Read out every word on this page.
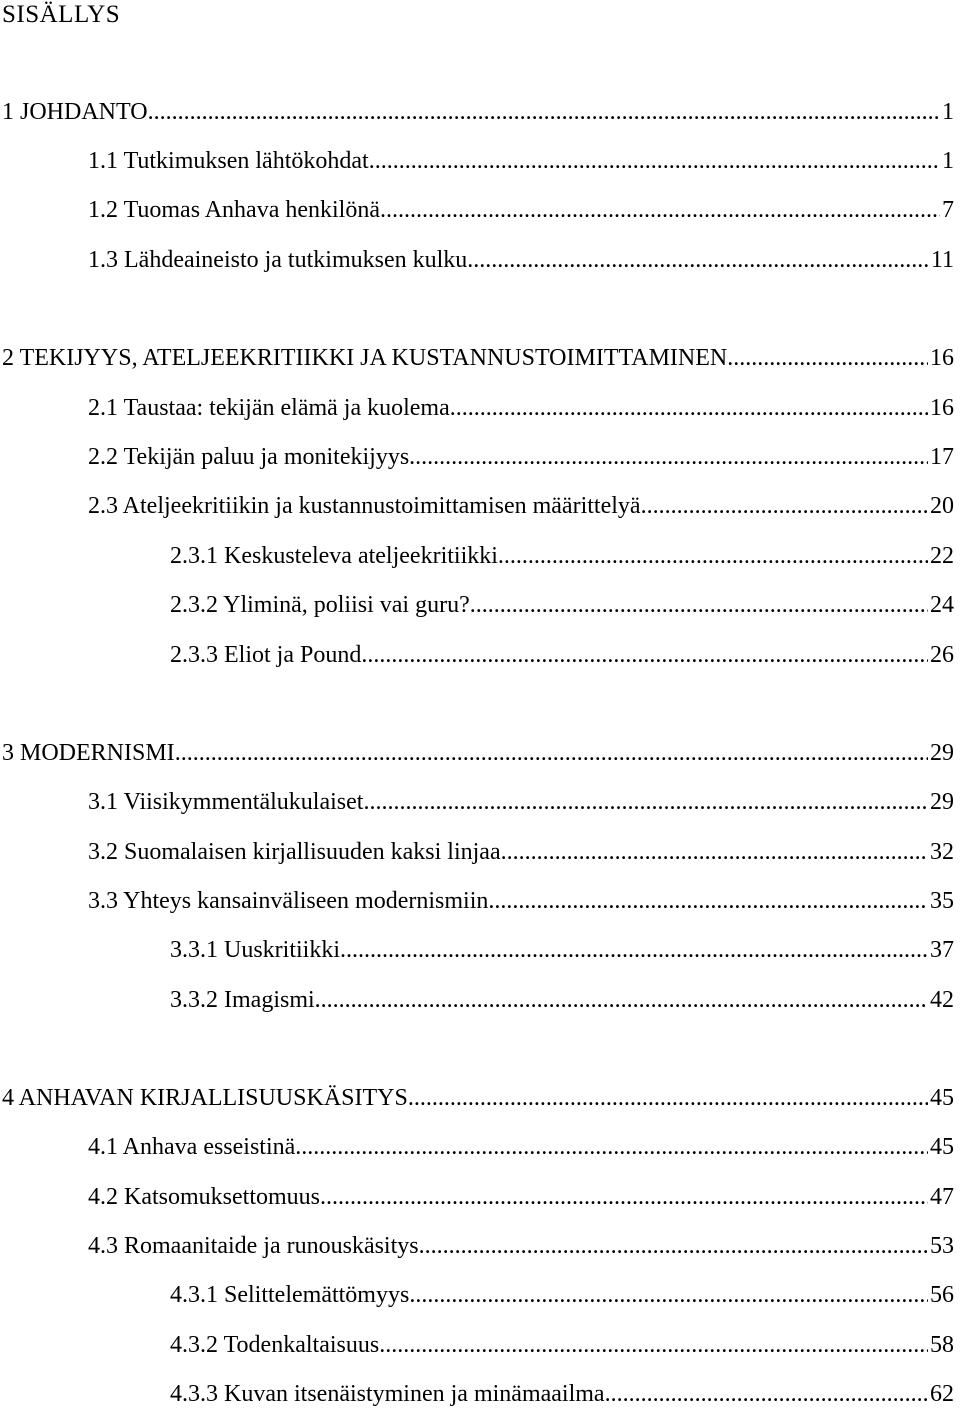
SISÄLLYS
1 JOHDANTO .....	1
1.1 Tutkimuksen lähtökohdat .....	1
1.2 Tuomas Anhava henkilönä .....	7
1.3 Lähdeaineisto ja tutkimuksen kulku .....	11
2 TEKIJYYS, ATELJEEKRITIIKKI JA KUSTANNUSTOIMITTAMINEN .....	16
2.1 Taustaa: tekijän elämä ja kuolema .....	16
2.2 Tekijän paluu ja monitekijyys .....	17
2.3 Ateljeekritiikin ja kustannustoimittamisen määrittelyä .....	20
2.3.1 Keskusteleva ateljeekritiikki .....	22
2.3.2 Yliminä, poliisi vai guru? .....	24
2.3.3 Eliot ja Pound .....	26
3 MODERNISMI .....	29
3.1 Viisikymmentälukulaiset .....	29
3.2 Suomalaisen kirjallisuuden kaksi linjaa .....	32
3.3 Yhteys kansainväliseen modernismiin .....	35
3.3.1 Uuskritiikki .....	37
3.3.2 Imagismi .....	42
4 ANHAVAN KIRJALLISUUSKÄSITYS .....	45
4.1 Anhava esseistinä .....	45
4.2 Katsomuksettomuus .....	47
4.3 Romaanitaide ja runouskäsitys .....	53
4.3.1 Selittelemättömyys .....	56
4.3.2 Todenkaltaisuus .....	58
4.3.3 Kuvan itsenäistyminen ja minämaailma .....	62
